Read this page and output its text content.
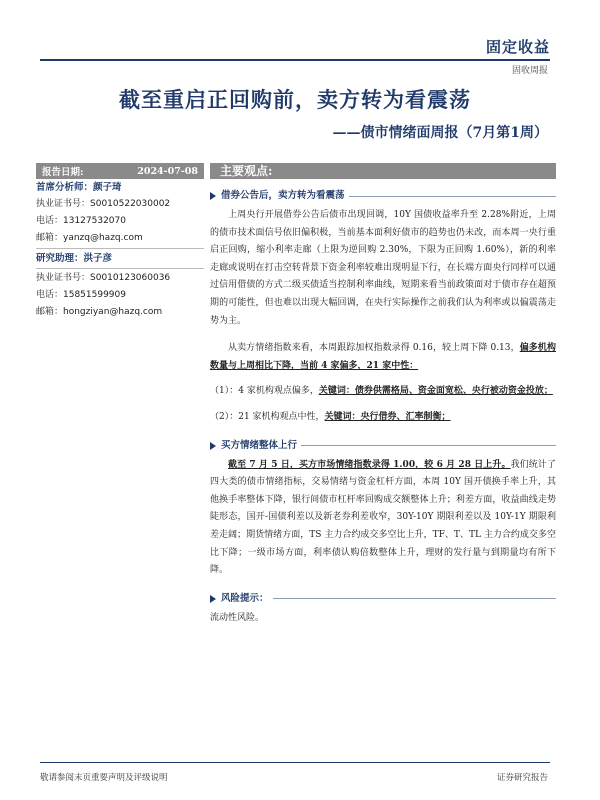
固定收益
固收周报
截至重启正回购前，卖方转为看震荡
——债市情绪面周报（7月第1周）
报告日期:	2024-07-08
首席分析师：颜子琦
执业证书号：S0010522030002
电话：13127532070
邮箱：yanzq@hazq.com
研究助理：洪子彦
执业证书号：S0010123060036
电话：15851599909
邮箱：hongziyan@hazq.com
主要观点:
借券公告后，卖方转为看震荡
上周央行开展借券公告后债市出现回调，10Y 国债收益率升至 2.28%附近，上周的债市技术面信号依旧偏积极，当前基本面利好债市的趋势也仍未改，而本周一央行重启正回购，缩小利率走廊（上限为逆回购 2.30%，下限为正回购 1.60%），新的利率走廊或说明在打击空转背景下资金利率较难出现明显下行，在长端方面央行同样可以通过信用借债的方式二级买债适当控制利率曲线，短期来看当前政策面对于债市存在超预期的可能性，但也难以出现大幅回调，在央行实际操作之前我们认为利率或以偏震荡走势为主。
从卖方情绪指数来看，本周跟踪加权指数录得 0.16，较上周下降 0.13，偏多机构数量与上周相比下降，当前 4 家偏多，21 家中性：
（1）：4 家机构观点偏多，关键词：债券供需格局、资金面宽松、央行被动资金投放；
（2）：21 家机构观点中性，关键词：央行借券、汇率制衡；
买方情绪整体上行
截至 7 月 5 日，买方市场情绪指数录得 1.00，较 6 月 28 日上升。我们统计了四大类的债市情绪指标，交易情绪与资金杠杆方面，本周 10Y 国开债换手率上升，其他换手率整体下降，银行间债市杠杆率回购成交额整体上升；利差方面，收益曲线走势陡形态，国开-国债利差以及新老券利差收窄，30Y-10Y 期限利差以及 10Y-1Y 期限利差走阔；期货情绪方面，TS 主力合约成交多空比上升，TF、T、TL 主力合约成交多空比下降；一级市场方面，利率债认购倍数整体上升，理财的发行量与到期量均有所下降。
风险提示：
流动性风险。
敬请参阅末页重要声明及评级说明	证券研究报告
